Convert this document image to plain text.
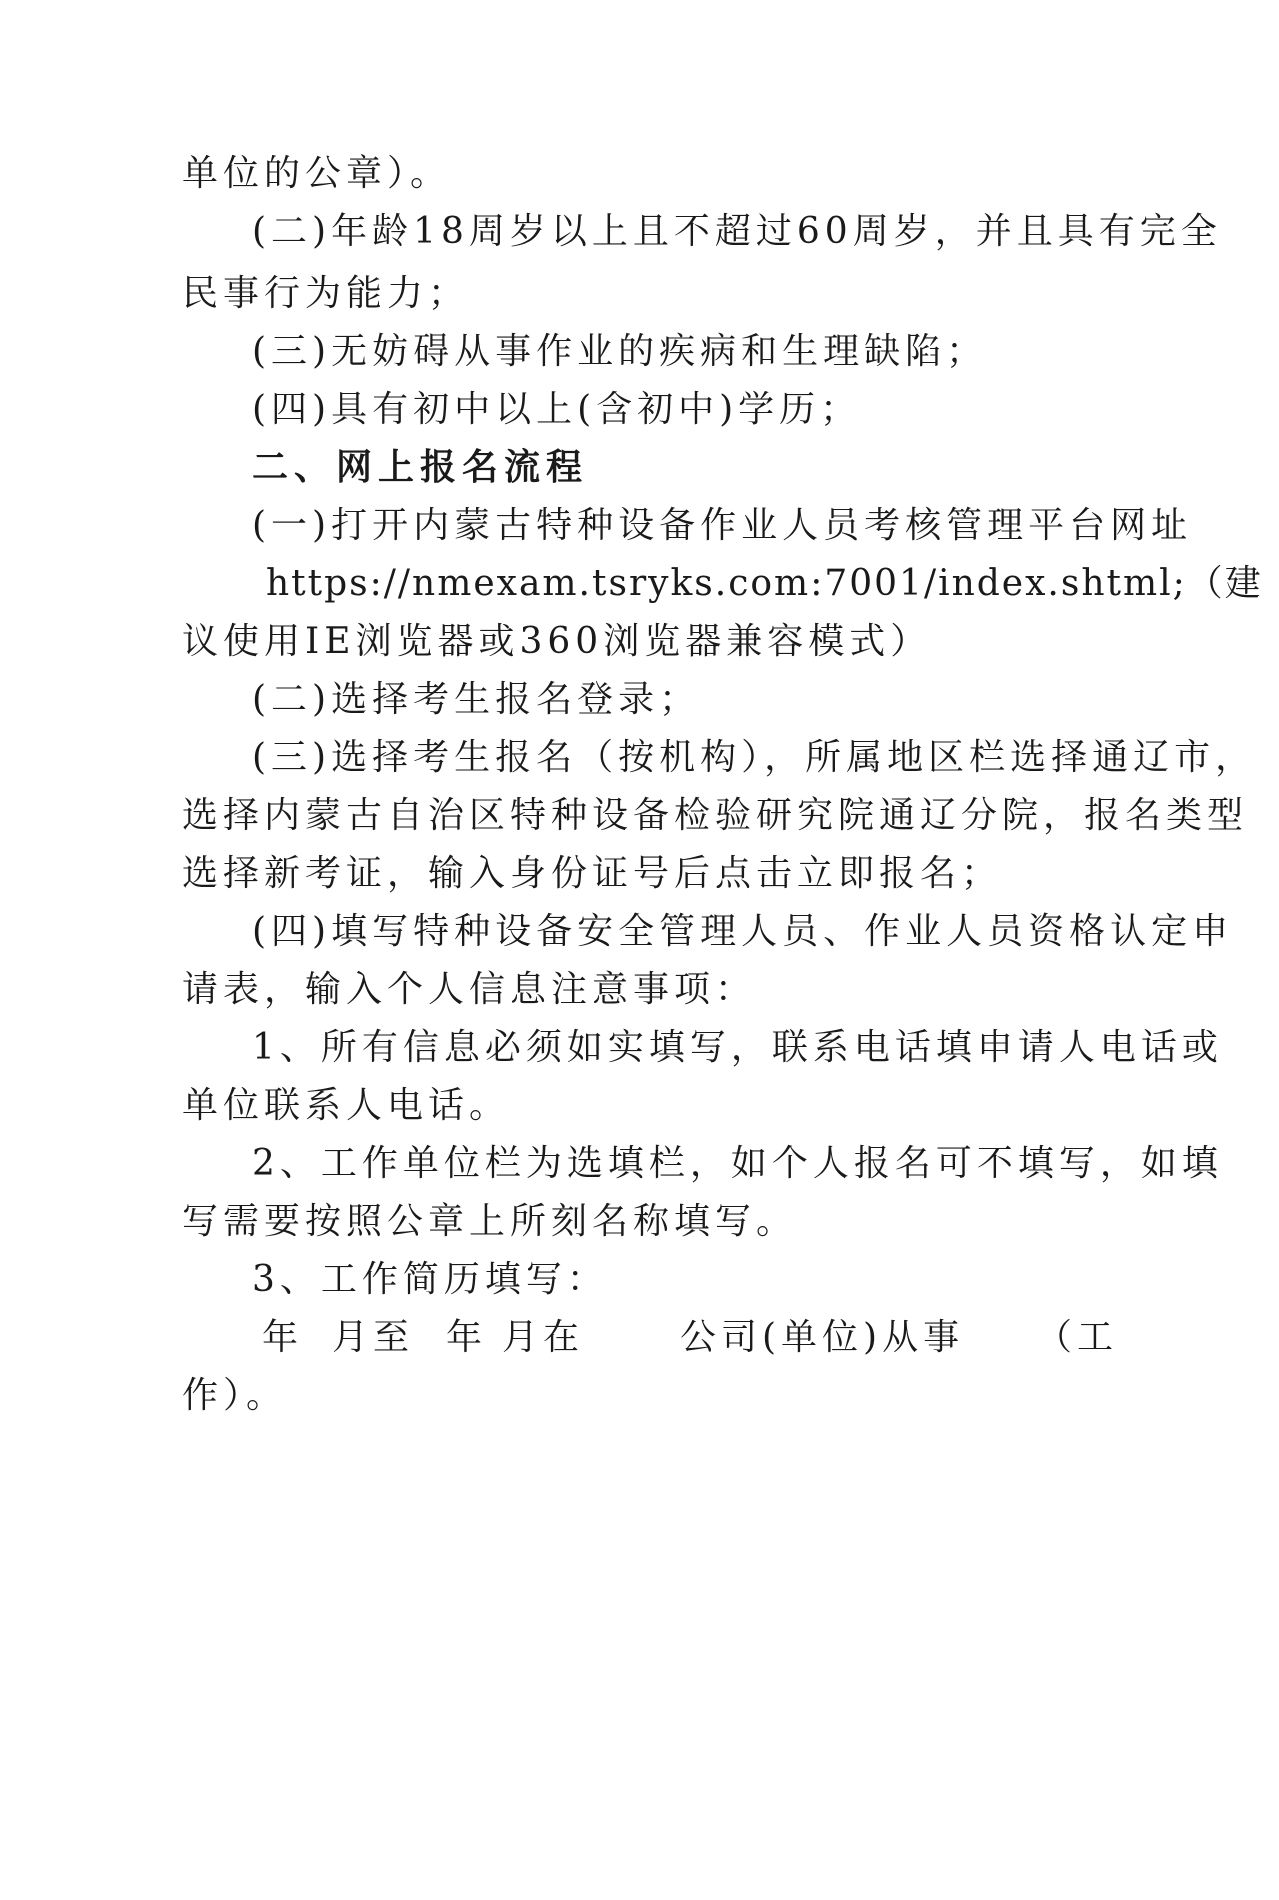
单位的公章）。
(二)年龄18周岁以上且不超过60周岁，并且具有完全
民事行为能力；
(三)无妨碍从事作业的疾病和生理缺陷；
(四)具有初中以上(含初中)学历；
二、网上报名流程
(一)打开内蒙古特种设备作业人员考核管理平台网址
https://nmexam.tsryks.com:7001/index.shtml;（建
议使用IE浏览器或360浏览器兼容模式）
(二)选择考生报名登录；
(三)选择考生报名（按机构），所属地区栏选择通辽市，
选择内蒙古自治区特种设备检验研究院通辽分院，报名类型
选择新考证，输入身份证号后点击立即报名；
(四)填写特种设备安全管理人员、作业人员资格认定申
请表，输入个人信息注意事项：
1、所有信息必须如实填写，联系电话填申请人电话或
单位联系人电话。
2、工作单位栏为选填栏，如个人报名可不填写，如填
写需要按照公章上所刻名称填写。
3、工作简历填写：
年 月至 年 月在	公司(单位)从事 （工
作）。
